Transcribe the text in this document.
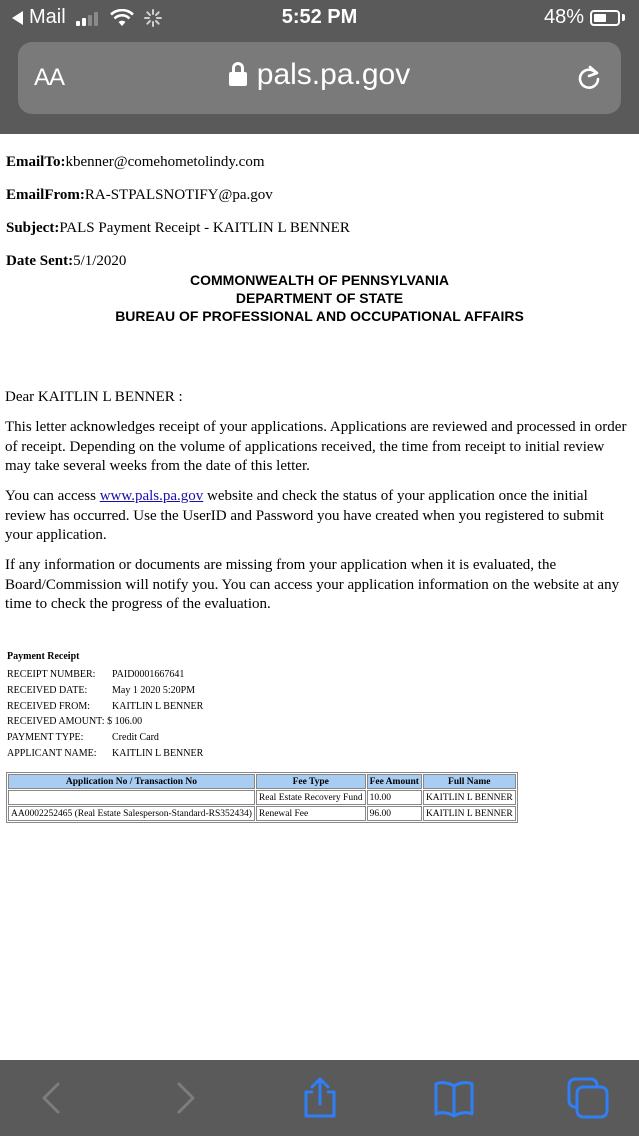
Mail	5:52 PM	48%
AA	pals.pa.gov
EmailTo:kbenner@comehometolindy.com
EmailFrom:RA-STPALSNOTIFY@pa.gov
Subject:PALS Payment Receipt - KAITLIN L BENNER
Date Sent:5/1/2020
COMMONWEALTH OF PENNSYLVANIA
DEPARTMENT OF STATE
BUREAU OF PROFESSIONAL AND OCCUPATIONAL AFFAIRS
Dear KAITLIN L BENNER :
This letter acknowledges receipt of your applications. Applications are reviewed and processed in order of receipt. Depending on the volume of applications received, the time from receipt to initial review may take several weeks from the date of this letter.
You can access www.pals.pa.gov website and check the status of your application once the initial review has occurred. Use the UserID and Password you have created when you registered to submit your application.
If any information or documents are missing from your application when it is evaluated, the Board/Commission will notify you. You can access your application information on the website at any time to check the progress of the evaluation.
Payment Receipt
RECEIPT NUMBER: PAID0001667641
RECEIVED DATE: May 1 2020 5:20PM
RECEIVED FROM: KAITLIN L BENNER
RECEIVED AMOUNT: $ 106.00
PAYMENT TYPE:	Credit Card
APPLICANT NAME: KAITLIN L BENNER
Application No / Transaction No	Fee Type	Fee Amount	Full Name
	Real Estate Recovery Fund	10.00	KAITLIN L BENNER
AA0002252465 (Real Estate Salesperson-Standard-RS352434)	Renewal Fee	96.00	KAITLIN L BENNER
